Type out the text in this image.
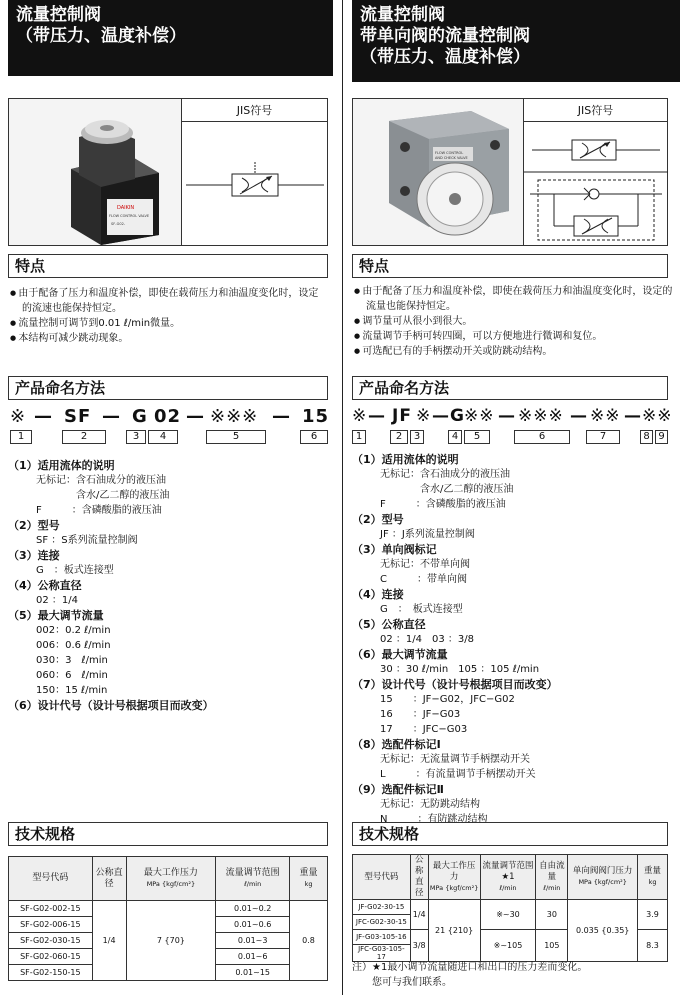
流量控制阀
（带压力、温度补偿）
DAIKIN
FLOW CONTROL VALVE
SF-G02-
JIS符号
特点
● 由于配备了压力和温度补偿，即使在载荷压力和油温度变化时，设定的流速也能保持恒定。
● 流量控制可调节到0.01 ℓ/min微量。
● 本结构可减少跳动现象。
产品命名方法
※ — SF — G 02 — ※※※ — 15
1	2	3	4	5	6
（1）适用流体的说明
无标记：含石油成分的液压油
　　　　含水/乙二醇的液压油
F　　　：含磷酸脂的液压油
（2）型号
SF ：S系列流量控制阀
（3）连接
G　：板式连接型
（4）公称直径
02 ：1/4
（5）最大调节流量
002：0.2 ℓ/min
006：0.6 ℓ/min
030：3　ℓ/min
060：6　ℓ/min
150：15 ℓ/min
（6）设计代号（设计号根据项目而改变）
技术规格
型号代码	公称直径	最大工作压力
MPa {kgf/cm²}	流量调节范围
ℓ/min	重量
kg

SF-G02-002-15	1/4	7 {70}	0.01~0.2	0.8
SF-G02-006-15			0.01~0.6	
SF-G02-030-15			0.01~3	
SF-G02-060-15			0.01~6	
SF-G02-150-15			0.01~15	
流量控制阀
带单向阀的流量控制阀
（带压力、温度补偿）
FLOW CONTROL
AND CHECK VALVE
JIS符号
特点
● 由于配备了压力和温度补偿，即使在载荷压力和油温度变化时，设定的流量也能保持恒定。
● 调节量可从很小到很大。
● 流量调节手柄可转四圈，可以方便地进行微调和复位。
● 可选配已有的手柄摆动开关或防跳动结构。
产品命名方法
※ — JF ※ — G ※※ — ※※※ — ※※ — ※※
1	2	3	4	5	6	7	8 9
（1）适用流体的说明
无标记：含石油成分的液压油
　　　　含水/乙二醇的液压油
F　　　：含磷酸脂的液压油
（2）型号
JF ：J系列流量控制阀
（3）单向阀标记
无标记：不带单向阀
C　　　：带单向阀
（4）连接
G　：　板式连接型
（5）公称直径
02 ：1/4　03 ：3/8
（6）最大调节流量
30 ：30 ℓ/min　105 ：105 ℓ/min
（7）设计代号（设计号根据项目而改变）
15　　：JF−G02，JFC−G02
16　　：JF−G03
17　　：JFC−G03
（8）选配件标记Ⅰ
无标记：无流量调节手柄摆动开关
L　　　：有流量调节手柄摆动开关
（9）选配件标记Ⅱ
无标记：无防跳动结构
N　　　：有防跳动结构
技术规格
型号代码	公称直径	最大工作压力
MPa {kgf/cm²}	流量调节范围★1
ℓ/min	自由流量
ℓ/min	单向阀阀门压力
MPa {kgf/cm²}	重量
kg

JF-G02-30-15	1/4	21 {210}	※~30	30	0.035 {0.35}	3.9
JFC-G02-30-15						
JF-G03-105-16	3/8		※~105	105		8.3
JFC-G03-105-17						
注）★1最小调节流量随进口和出口的压力差而变化。
　　您可与我们联系。
